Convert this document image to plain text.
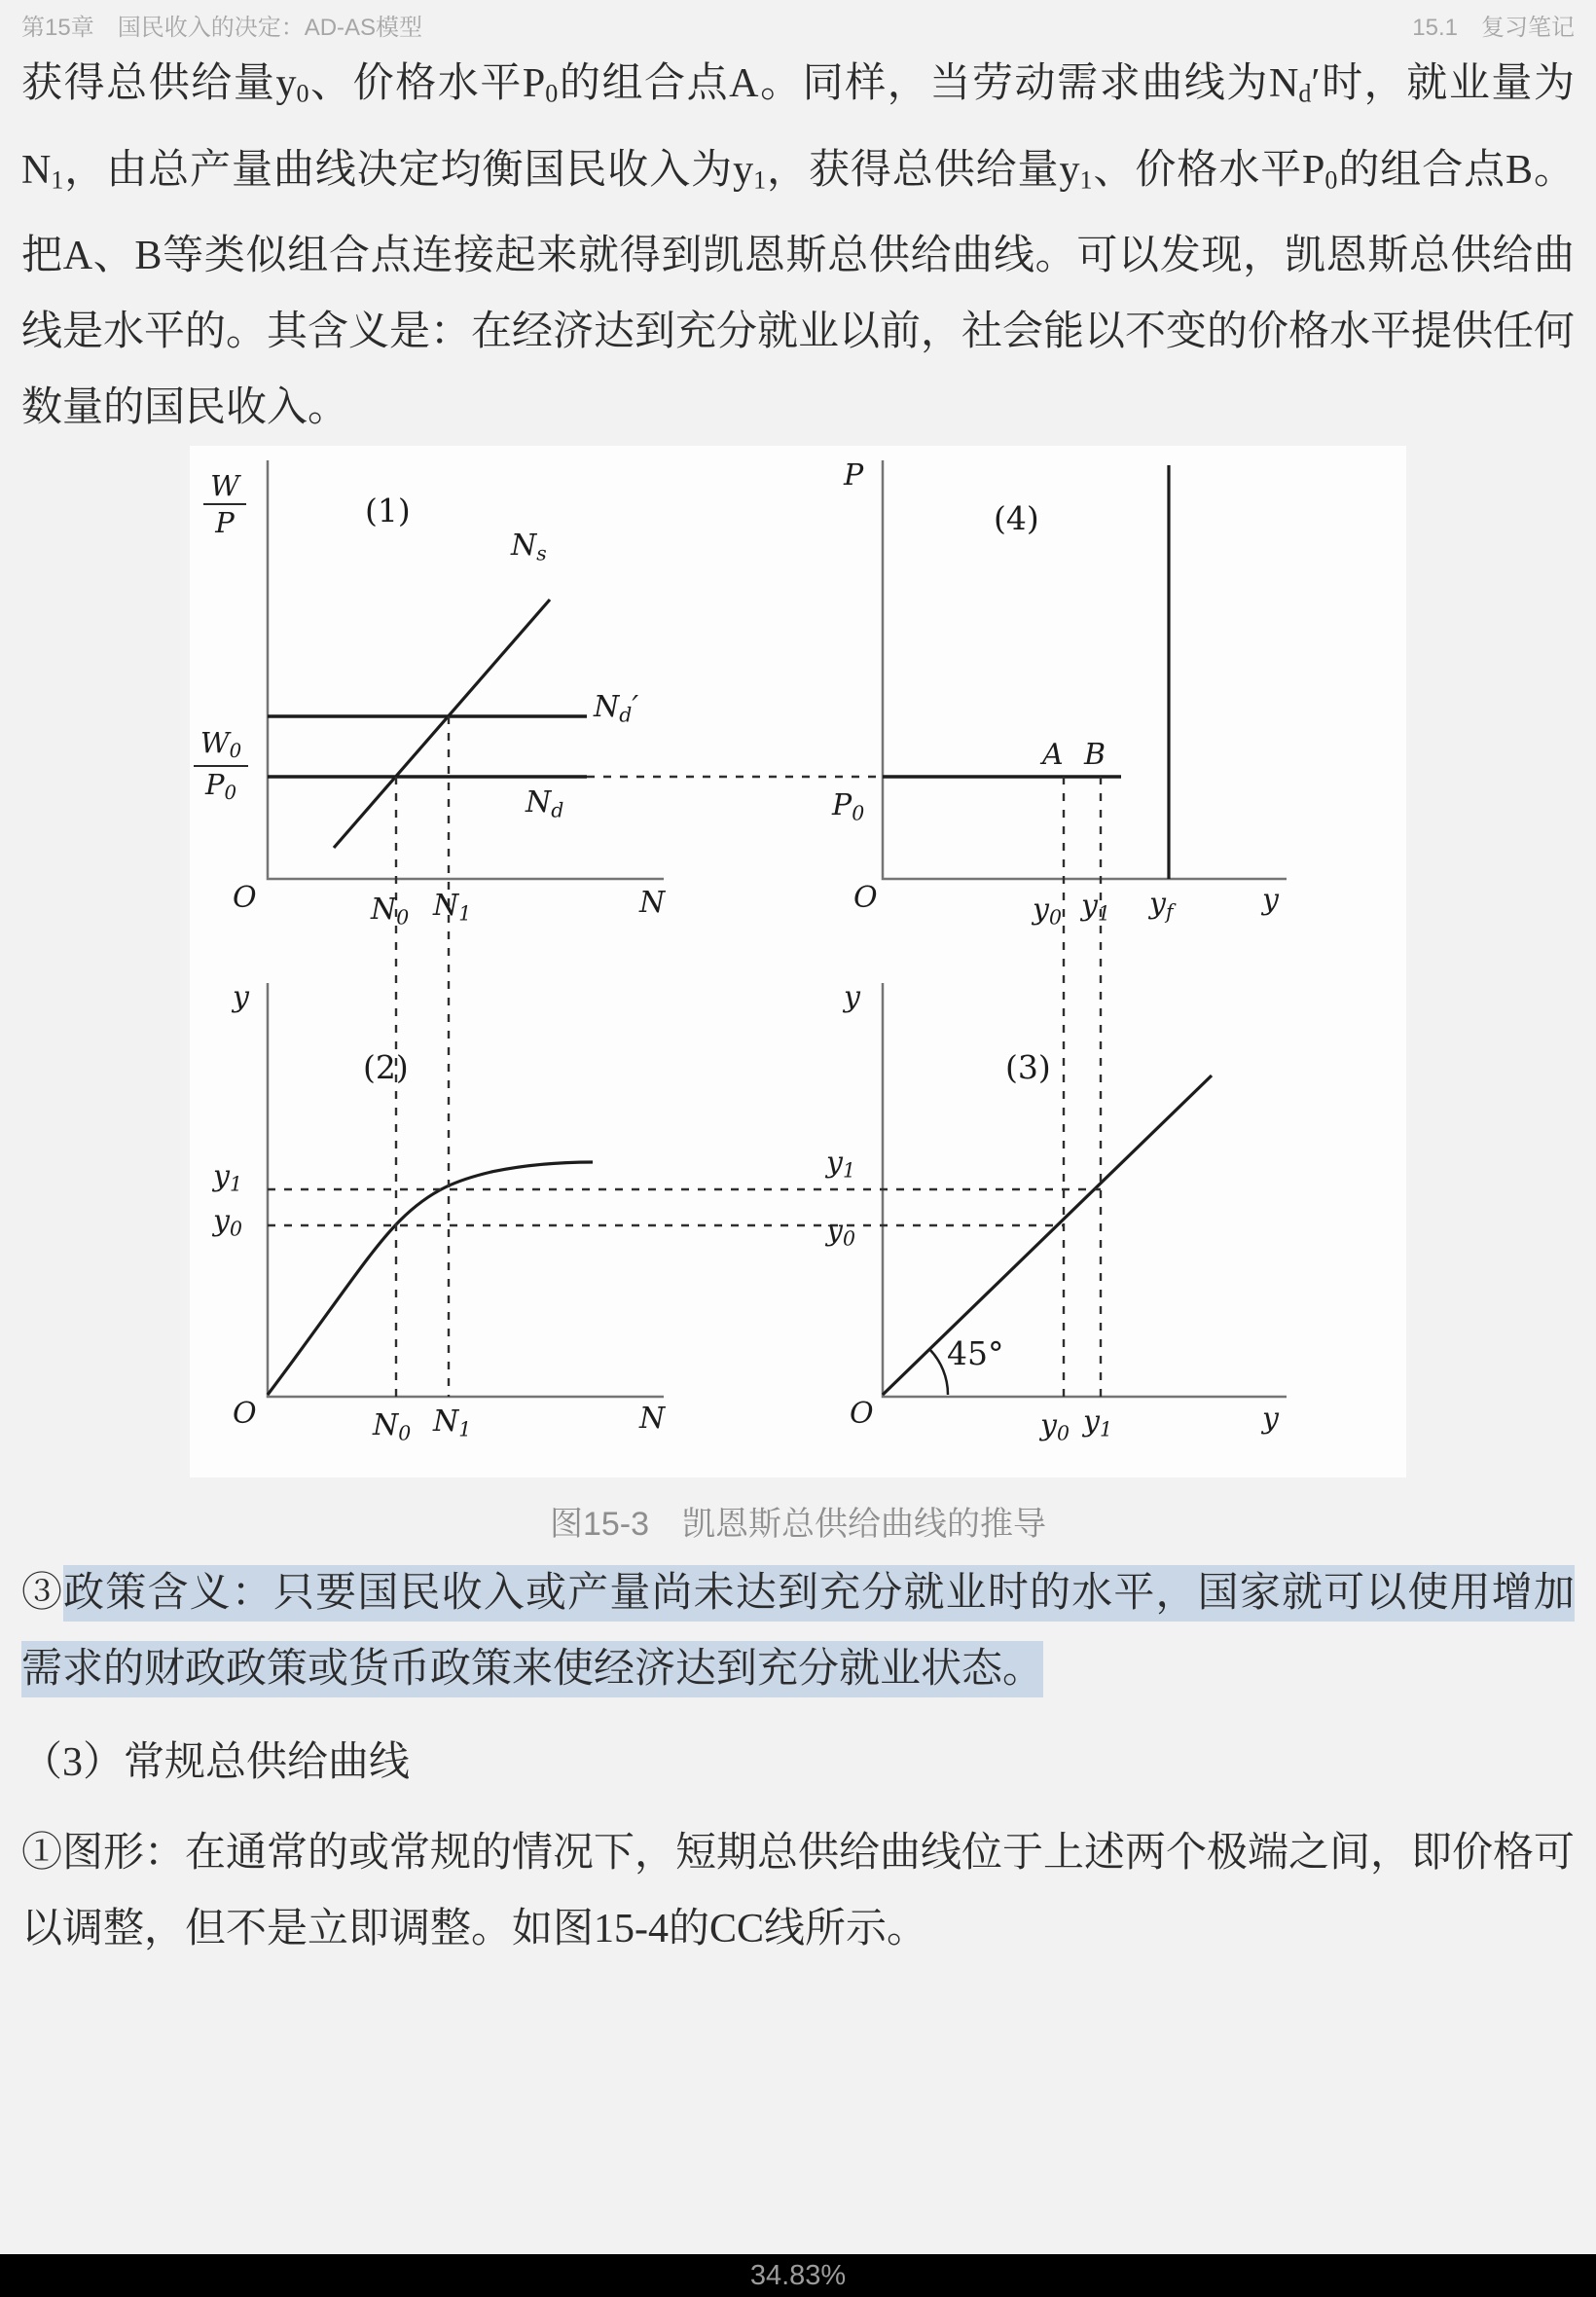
第15章　国民收入的决定：AD-AS模型	15.1　复习笔记
获得总供给量$y_0$、价格水平$P_0$的组合点A。同样，当劳动需求曲线为$N_d'$时，就业量为$N_1$，由总产量曲线决定均衡国民收入为$y_1$，获得总供给量$y_1$、价格水平$P_0$的组合点B。把A、B等类似组合点连接起来就得到凯恩斯总供给曲线。可以发现，凯恩斯总供给曲线是水平的。其含义是：在经济达到充分就业以前，社会能以不变的价格水平提供任何数量的国民收入。
W
P	(1)
$N_s$
$N_d'$
$W_0$
$P_0$	$N_d$
O	$N_0$ $N_1$	N
P
(4)
A B
$P_0$
O	$y_0$ $y_1$ $y_f$	y
y
(2)
$y_1$
$y_0$
O	$N_0$ $N_1$	N
y
(3)
$y_1$
$y_0$
45°
O	$y_0$ $y_1$	y
图15-3　凯恩斯总供给曲线的推导
③政策含义：只要国民收入或产量尚未达到充分就业时的水平，国家就可以使用增加需求的财政政策或货币政策来使经济达到充分就业状态。
（3）常规总供给曲线
①图形：在通常的或常规的情况下，短期总供给曲线位于上述两个极端之间，即价格可以调整，但不是立即调整。如图15-4的CC线所示。
34.83%
